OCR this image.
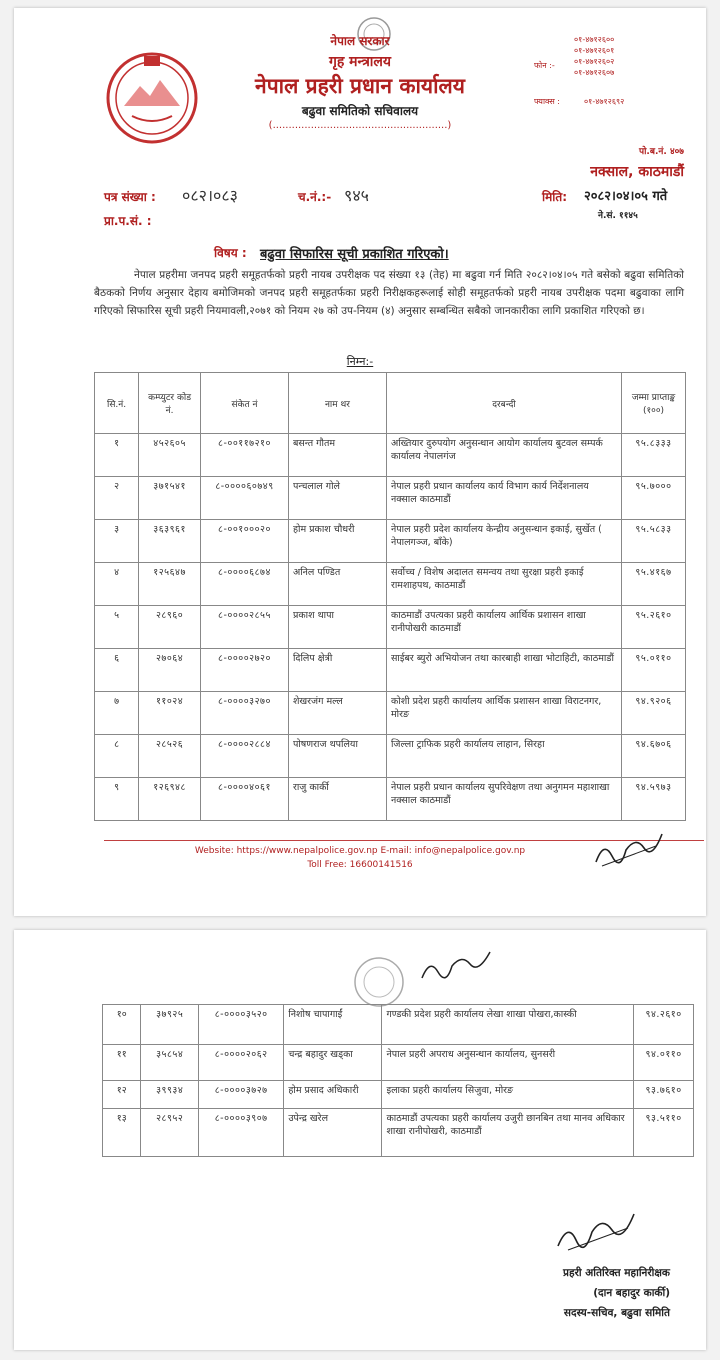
नेपाल सरकार
गृह मन्त्रालय
नेपाल प्रहरी प्रधान कार्यालय
बढुवा समितिको सचिवालय
(.......................................................)
फोन :-
०१-४७१२६००
०१-४७१२६०१
०१-४७१२६०२
०१-४७१२६०७
फ्याक्स :	०१-४७१२६९२
पो.ब.नं. ४०७
नक्साल, काठमाडौं
पत्र संख्या : ०८२।०८३	च.नं.:- ९४५
प्रा.प.सं. :
मिति: २०८२।०४।०५ गते
ने.सं. ११४५
विषय : बढुवा सिफारिस सूची प्रकाशित गरिएको।
नेपाल प्रहरीमा जनपद प्रहरी समूहतर्फको प्रहरी नायब उपरीक्षक पद संख्या १३ (तेह) मा बढुवा गर्न मिति २०८२।०४।०५ गते बसेको बढुवा समितिको बैठकको निर्णय अनुसार देहाय बमोजिमको जनपद प्रहरी समूहतर्फका प्रहरी निरीक्षकहरूलाई सोही समूहतर्फको प्रहरी नायब उपरीक्षक पदमा बढुवाका लागि गरिएको सिफारिस सूची प्रहरी नियमावली,२०७१ को नियम २७ को उप-नियम (४) अनुसार सम्बन्धित सबैको जानकारीका लागि प्रकाशित गरिएको छ।
निम्न:-
सि.नं.	कम्प्युटर कोड नं.	संकेत नं	नाम थर	दरबन्दी	जम्मा प्राप्ताङ्क (१००)
१	४५२६०५	८-००११७२१०	बसन्त गौतम	अख्तियार दुरुपयोग अनुसन्धान आयोग कार्यालय बुटवल सम्पर्क कार्यालय नेपालगंज	९५.८३३३
२	३७१५४१	८-००००६०७४९	पन्चलाल गोले	नेपाल प्रहरी प्रधान कार्यालय कार्य विभाग कार्य निर्देशनालय नक्साल काठमाडौं	९५.७०००
३	३६३९६१	८-००१०००२०	होम प्रकाश चौधरी	नेपाल प्रहरी प्रदेश कार्यालय केन्द्रीय अनुसन्धान इकाई, सुर्खेत ( नेपालगञ्ज, बाँके)	९५.५८३३
४	१२५६४७	८-००००६८७४	अनिल पण्डित	सर्वोच्च / विशेष अदालत समन्वय तथा सुरक्षा प्रहरी इकाई रामशाहपथ, काठमाडौं	९५.४१६७
५	२८९६०	८-००००२८५५	प्रकाश थापा	काठमाडौं उपत्यका प्रहरी कार्यालय आर्थिक प्रशासन शाखा रानीपोखरी काठमाडौं	९५.२६१०
६	२७०६४	८-००००२७२०	दिलिप क्षेत्री	साईबर ब्युरो अभियोजन तथा कारबाही शाखा भोटाहिटी, काठमाडौं	९५.०११०
७	११०२४	८-००००३२७०	शेखरजंग मल्ल	कोशी प्रदेश प्रहरी कार्यालय आर्थिक प्रशासन शाखा विराटनगर, मोरङ	९४.९२०६
८	२८५२६	८-००००२८८४	पोषणराज थपलिया	जिल्ला ट्राफिक प्रहरी कार्यालय लाहान, सिरहा	९४.६७०६
९	१२६९४८	८-००००४०६१	राजु कार्की	नेपाल प्रहरी प्रधान कार्यालय सुपरिवेक्षण तथा अनुगमन महाशाखा नक्साल काठमाडौं	९४.५९७३
Website: https://www.nepalpolice.gov.np E-mail: info@nepalpolice.gov.np
Toll Free: 16600141516
१०	३७९२५	८-००००३५२०	निशोष चापागाईं	गण्डकी प्रदेश प्रहरी कार्यालय लेखा शाखा पोखरा,कास्की	९४.२६१०
११	३५८५४	८-००००२०६२	चन्द्र बहादुर खड्का	नेपाल प्रहरी अपराध अनुसन्धान कार्यालय, सुनसरी	९४.०११०
१२	३९९३४	८-००००३७२७	होम प्रसाद अधिकारी	इलाका प्रहरी कार्यालय सिजुवा, मोरङ	९३.७६१०
१३	२८९५२	८-००००३९०७	उपेन्द्र खरेल	काठमाडौं उपत्यका प्रहरी कार्यालय उजुरी छानबिन तथा मानव अधिकार शाखा रानीपोखरी, काठमाडौं	९३.५११०
प्रहरी अतिरिक्त महानिरीक्षक
(दान बहादुर कार्की)
सदस्य-सचिव, बढुवा समिति
